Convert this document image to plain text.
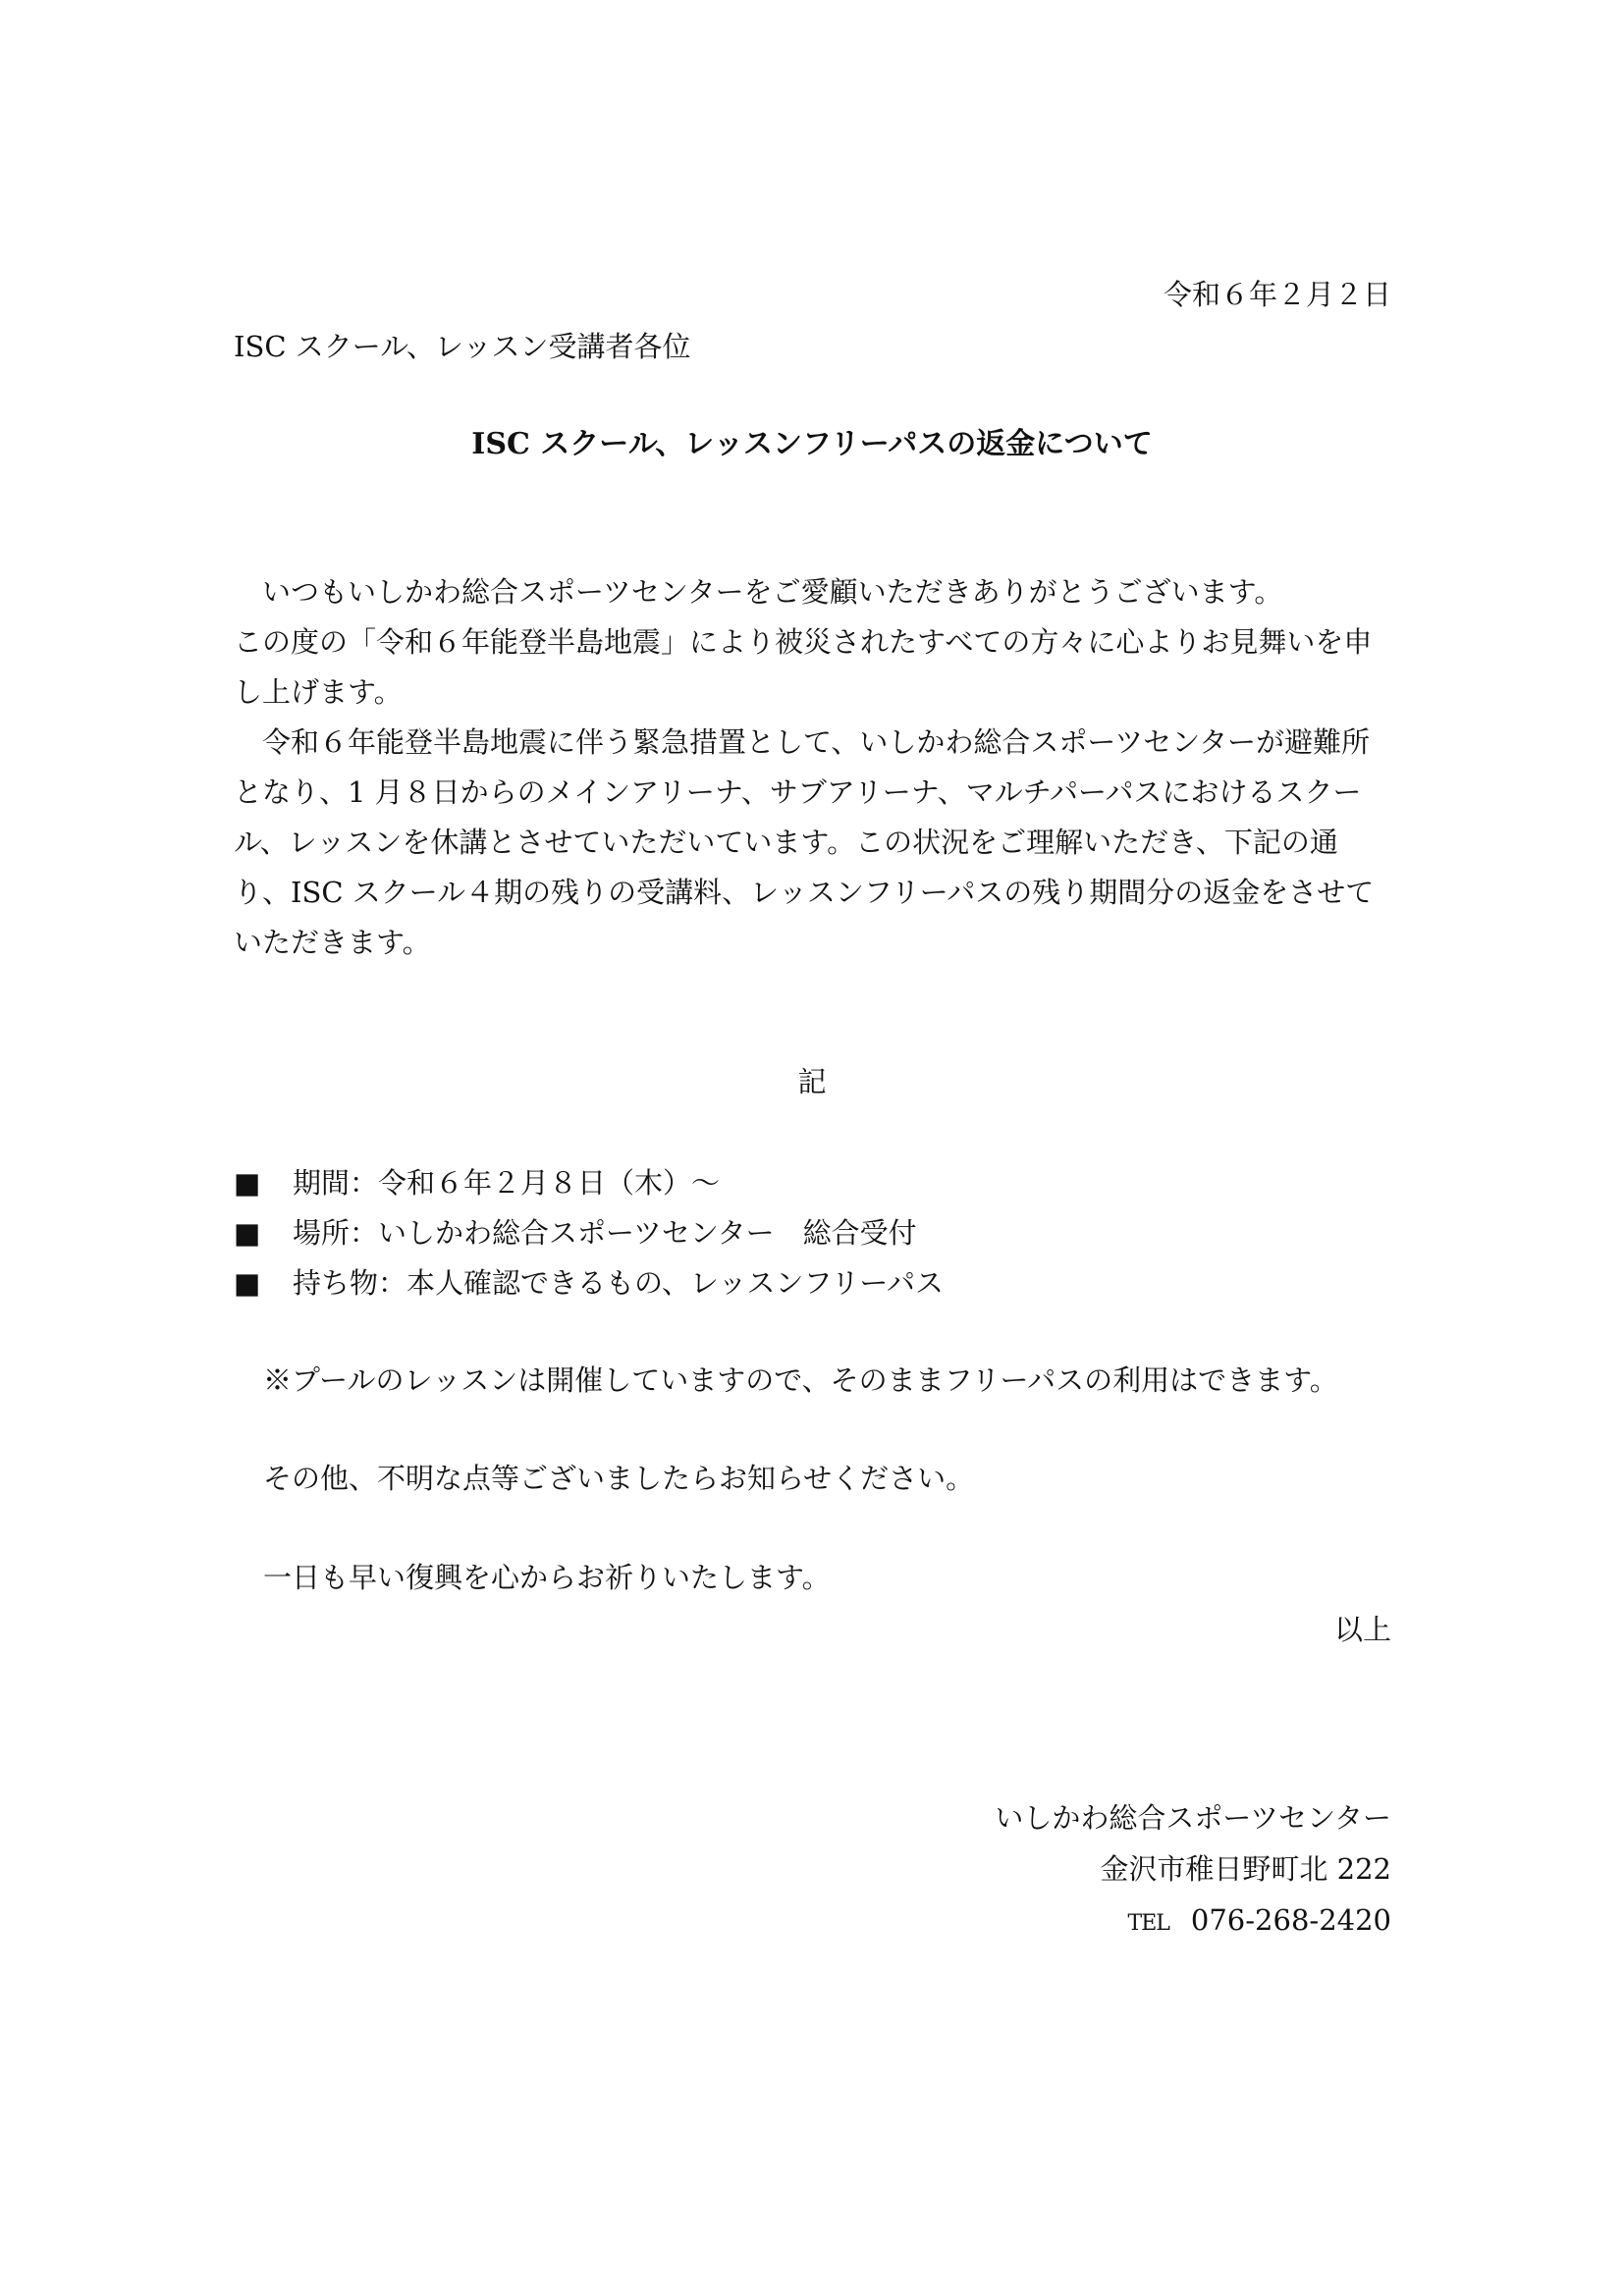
令和６年２月２日
ISC スクール、レッスン受講者各位
ISC スクール、レッスンフリーパスの返金について

　いつもいしかわ総合スポーツセンターをご愛顧いただきありがとうございます。

この度の「令和６年能登半島地震」により被災されたすべての方々に心よりお見舞いを申し上げます。

　令和６年能登半島地震に伴う緊急措置として、いしかわ総合スポーツセンターが避難所となり、1 月８日からのメインアリーナ、サブアリーナ、マルチパーパスにおけるスクール、レッスンを休講とさせていただいています。この状況をご理解いただき、下記の通り、ISC スクール４期の残りの受講料、レッスンフリーパスの残り期間分の返金をさせていただきます。

記
■	期間：令和６年２月８日（木）～
■	場所：いしかわ総合スポーツセンター　総合受付
■	持ち物：本人確認できるもの、レッスンフリーパス
※プールのレッスンは開催していますので、そのままフリーパスの利用はできます。
その他、不明な点等ございましたらお知らせください。
一日も早い復興を心からお祈りいたします。
以上
いしかわ総合スポーツセンター
金沢市稚日野町北 222
TEL 076-268-2420
